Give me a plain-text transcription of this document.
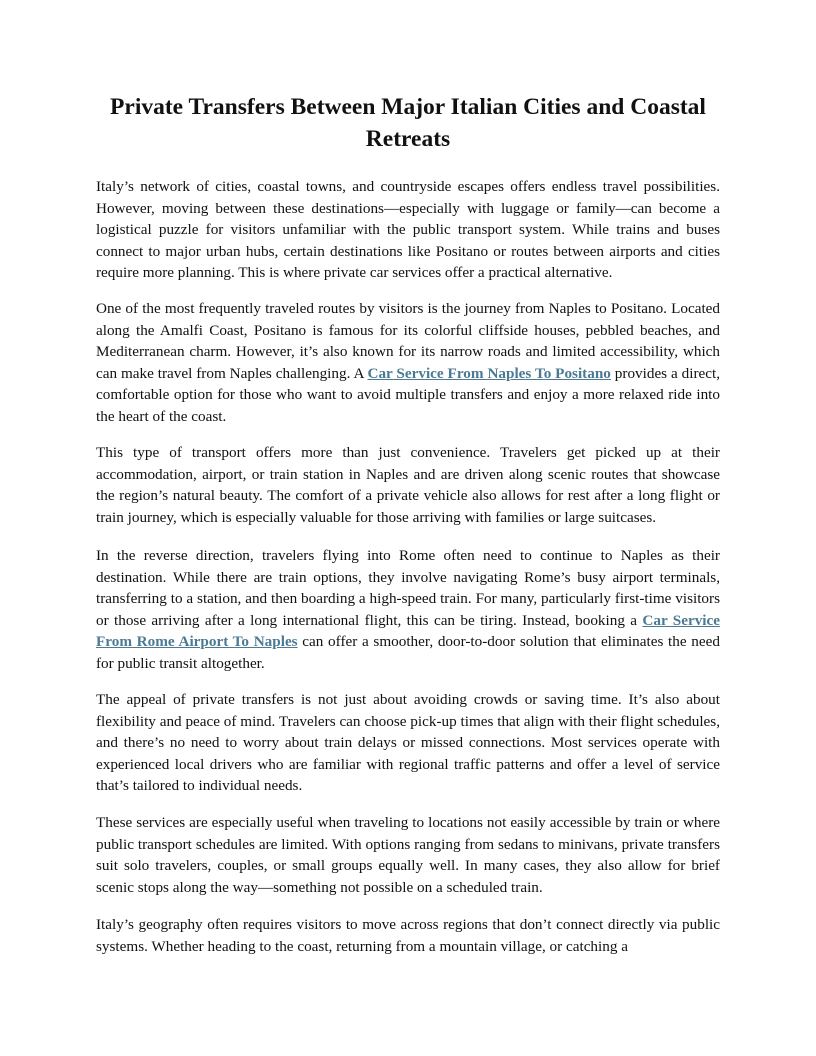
Private Transfers Between Major Italian Cities and Coastal Retreats

Italy’s network of cities, coastal towns, and countryside escapes offers endless travel possibilities. However, moving between these destinations—especially with luggage or family—can become a logistical puzzle for visitors unfamiliar with the public transport system. While trains and buses connect to major urban hubs, certain destinations like Positano or routes between airports and cities require more planning. This is where private car services offer a practical alternative.

One of the most frequently traveled routes by visitors is the journey from Naples to Positano. Located along the Amalfi Coast, Positano is famous for its colorful cliffside houses, pebbled beaches, and Mediterranean charm. However, it’s also known for its narrow roads and limited accessibility, which can make travel from Naples challenging. A Car Service From Naples To Positano provides a direct, comfortable option for those who want to avoid multiple transfers and enjoy a more relaxed ride into the heart of the coast.

This type of transport offers more than just convenience. Travelers get picked up at their accommodation, airport, or train station in Naples and are driven along scenic routes that showcase the region’s natural beauty. The comfort of a private vehicle also allows for rest after a long flight or train journey, which is especially valuable for those arriving with families or large suitcases.

In the reverse direction, travelers flying into Rome often need to continue to Naples as their destination. While there are train options, they involve navigating Rome’s busy airport terminals, transferring to a station, and then boarding a high-speed train. For many, particularly first-time visitors or those arriving after a long international flight, this can be tiring. Instead, booking a Car Service From Rome Airport To Naples can offer a smoother, door-to-door solution that eliminates the need for public transit altogether.

The appeal of private transfers is not just about avoiding crowds or saving time. It’s also about flexibility and peace of mind. Travelers can choose pick-up times that align with their flight schedules, and there’s no need to worry about train delays or missed connections. Most services operate with experienced local drivers who are familiar with regional traffic patterns and offer a level of service that’s tailored to individual needs.

These services are especially useful when traveling to locations not easily accessible by train or where public transport schedules are limited. With options ranging from sedans to minivans, private transfers suit solo travelers, couples, or small groups equally well. In many cases, they also allow for brief scenic stops along the way—something not possible on a scheduled train.

Italy’s geography often requires visitors to move across regions that don’t connect directly via public systems. Whether heading to the coast, returning from a mountain village, or catching a
